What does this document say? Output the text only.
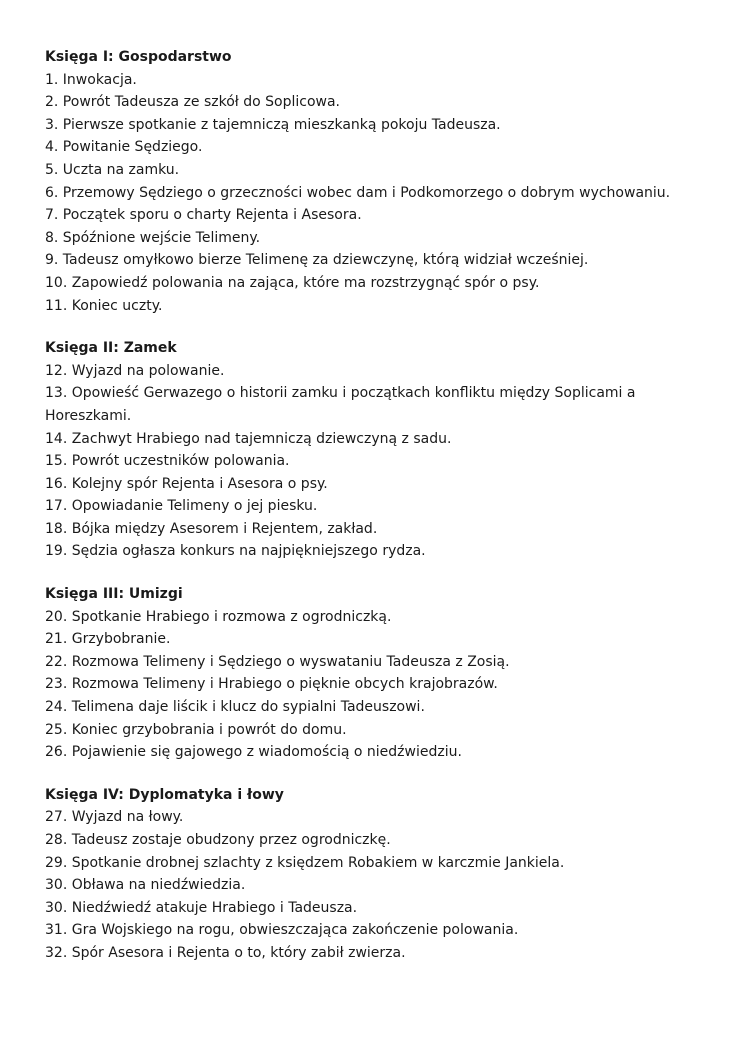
Księga I: Gospodarstwo
1. Inwokacja.
2. Powrót Tadeusza ze szkół do Soplicowa.
3. Pierwsze spotkanie z tajemniczą mieszkanką pokoju Tadeusza.
4. Powitanie Sędziego.
5. Uczta na zamku.
6. Przemowy Sędziego o grzeczności wobec dam i Podkomorzego o dobrym wychowaniu.
7. Początek sporu o charty Rejenta i Asesora.
8. Spóźnione wejście Telimeny.
9. Tadeusz omyłkowo bierze Telimenę za dziewczynę, którą widział wcześniej.
10. Zapowiedź polowania na zająca, które ma rozstrzygnąć spór o psy.
11. Koniec uczty.
Księga II: Zamek
12. Wyjazd na polowanie.
13. Opowieść Gerwazego o historii zamku i początkach konfliktu między Soplicami a Horeszkami.
14. Zachwyt Hrabiego nad tajemniczą dziewczyną z sadu.
15. Powrót uczestników polowania.
16. Kolejny spór Rejenta i Asesora o psy.
17. Opowiadanie Telimeny o jej piesku.
18. Bójka między Asesorem i Rejentem, zakład.
19. Sędzia ogłasza konkurs na najpiękniejszego rydza.
Księga III: Umizgi
20. Spotkanie Hrabiego i rozmowa z ogrodniczką.
21. Grzybobranie.
22. Rozmowa Telimeny i Sędziego o wyswataniu Tadeusza z Zosią.
23. Rozmowa Telimeny i Hrabiego o pięknie obcych krajobrazów.
24. Telimena daje liścik i klucz do sypialni Tadeuszowi.
25. Koniec grzybobrania i powrót do domu.
26. Pojawienie się gajowego z wiadomością o niedźwiedziu.
Księga IV: Dyplomatyka i łowy
27. Wyjazd na łowy.
28. Tadeusz zostaje obudzony przez ogrodniczkę.
29. Spotkanie drobnej szlachty z księdzem Robakiem w karczmie Jankiela.
30. Obława na niedźwiedzia.
30. Niedźwiedź atakuje Hrabiego i Tadeusza.
31. Gra Wojskiego na rogu, obwieszczająca zakończenie polowania.
32. Spór Asesora i Rejenta o to, który zabił zwierza.
